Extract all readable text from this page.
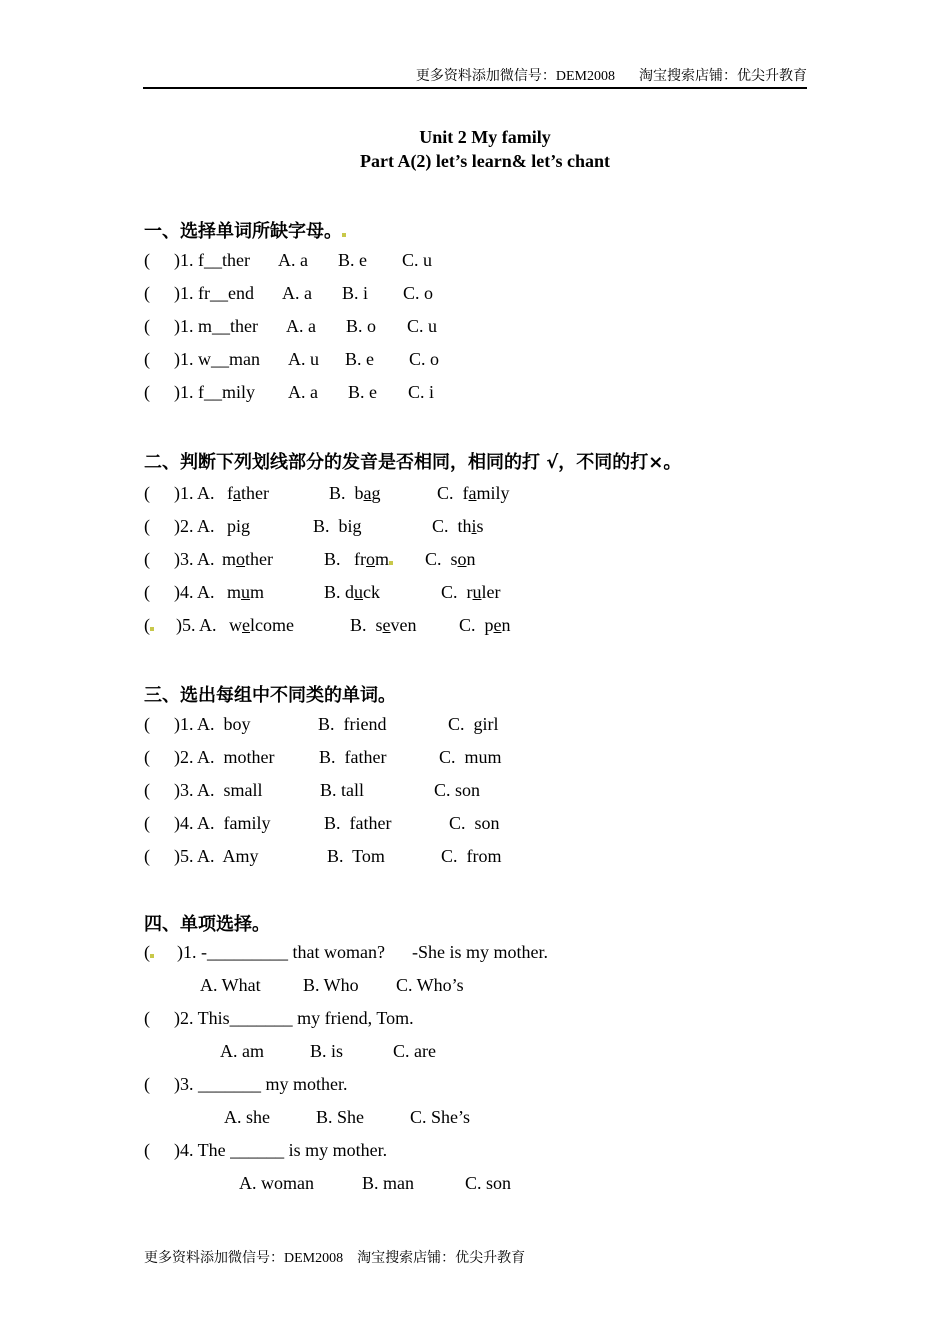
更多资料添加微信号：DEM2008 淘宝搜索店铺：优尖升教育
Unit 2 My family
Part A(2) let’s learn& let’s chant
一、选择单词所缺字母。
( )1. f__ther A. a B. e C. u
( )1. fr__end A. a B. i C. o
( )1. m__ther A. a B. o C. u
( )1. w__man A. u B. e C. o
( )1. f__mily A. a B. e C. i
二、判断下列划线部分的发音是否相同，相同的打 √，不同的打×。
( )1. A. father	B. bag	C. family
( )2. A. pig	B. big	C. this
( )3. A. mother	B. from C. son
( )4. A. mum	B. duck	C. ruler
( )5. A. welcome	B. seven C. pen
三、选出每组中不同类的单词。
( )1. A.  boy	B.  friend	C.  girl
( )2. A.  mother B.  father	C.  mum
( )3. A.  small	B. tall	C. son
( )4. A.  family	B.  father	C.  son
( )5. A.  Amy	B.  Tom	C.  from
四、单项选择。
( )1. -_________ that woman?      -She is my mother.
A. What B. Who C. Who’s
( )2. This_______ my friend, Tom.
A. am	B. is	C. are
( )3. _______ my mother.
A. she	B. She	C. She’s
( )4. The ______ is my mother.
A. woman	B. man	C. son
更多资料添加微信号：DEM2008 淘宝搜索店铺：优尖升教育
